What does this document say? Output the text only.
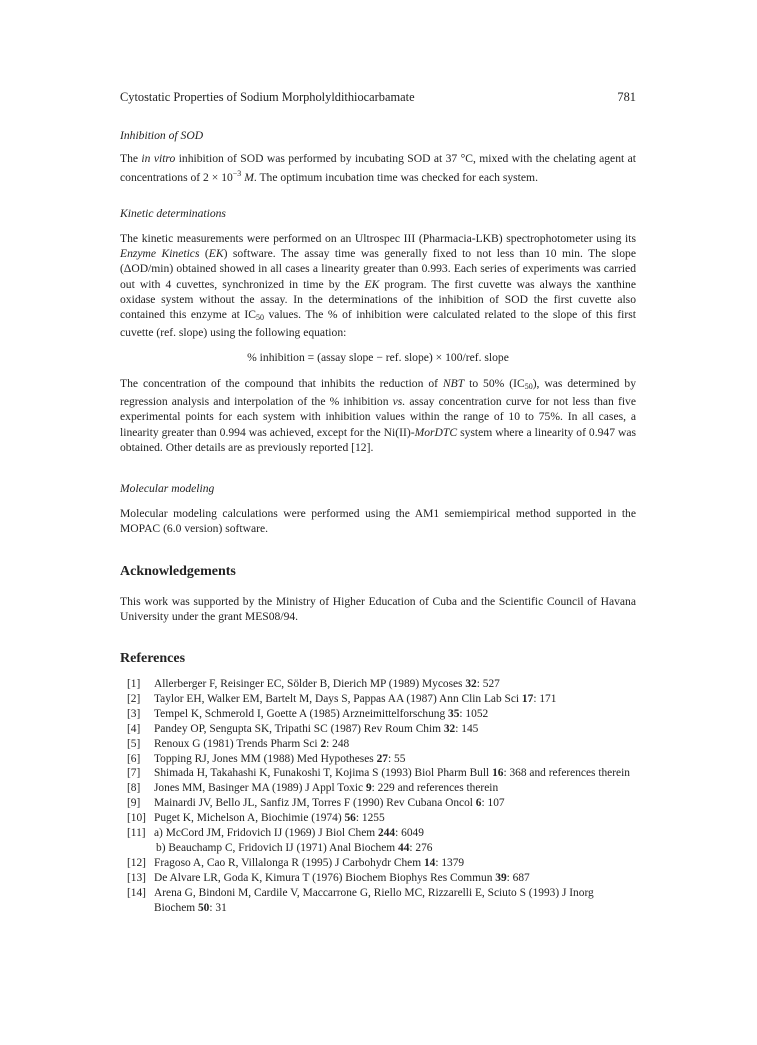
Cytostatic Properties of Sodium Morpholyldithiocarbamate	781
Inhibition of SOD

The in vitro inhibition of SOD was performed by incubating SOD at 37 °C, mixed with the chelating agent at concentrations of $2 \times 10^{-3}$ M. The optimum incubation time was checked for each system.

Kinetic determinations

The kinetic measurements were performed on an Ultrospec III (Pharmacia-LKB) spectrophotometer using its Enzyme Kinetics (EK) software. The assay time was generally fixed to not less than 10 min. The slope (ΔOD/min) obtained showed in all cases a linearity greater than 0.993. Each series of experiments was carried out with 4 cuvettes, synchronized in time by the EK program. The first cuvette was always the xanthine oxidase system without the assay. In the determinations of the inhibition of SOD the first cuvette also contained this enzyme at $IC_{50}$ values. The % of inhibition were calculated related to the slope of this first cuvette (ref. slope) using the following equation:

% inhibition = (assay slope − ref. slope) × 100/ref. slope

The concentration of the compound that inhibits the reduction of NBT to 50% $(IC_{50})$, was determined by regression analysis and interpolation of the % inhibition vs. assay concentration curve for not less than five experimental points for each system with inhibition values within the range of 10 to 75%. In all cases, a linearity greater than 0.994 was achieved, except for the Ni(II)-MorDTC system where a linearity of 0.947 was obtained. Other details are as previously reported [12].

Molecular modeling

Molecular modeling calculations were performed using the AM1 semiempirical method supported in the MOPAC (6.0 version) software.

Acknowledgements

This work was supported by the Ministry of Higher Education of Cuba and the Scientific Council of Havana University under the grant MES08/94.

References
[1]	Allerberger F, Reisinger EC, Sölder B, Dierich MP (1989) Mycoses 32: 527
[2]	Taylor EH, Walker EM, Bartelt M, Days S, Pappas AA (1987) Ann Clin Lab Sci 17: 171
[3]	Tempel K, Schmerold I, Goette A (1985) Arzneimittelforschung 35: 1052
[4]	Pandey OP, Sengupta SK, Tripathi SC (1987) Rev Roum Chim 32: 145
[5]	Renoux G (1981) Trends Pharm Sci 2: 248
[6]	Topping RJ, Jones MM (1988) Med Hypotheses 27: 55
[7]	Shimada H, Takahashi K, Funakoshi T, Kojima S (1993) Biol Pharm Bull 16: 368 and references therein
[8]	Jones MM, Basinger MA (1989) J Appl Toxic 9: 229 and references therein
[9]	Mainardi JV, Bello JL, Sanfiz JM, Torres F (1990) Rev Cubana Oncol 6: 107
[10] Puget K, Michelson A, Biochimie (1974) 56: 1255
[11] a) McCord JM, Fridovich IJ (1969) J Biol Chem 244: 6049
b) Beauchamp C, Fridovich IJ (1971) Anal Biochem 44: 276
[12] Fragoso A, Cao R, Villalonga R (1995) J Carbohydr Chem 14: 1379
[13] De Alvare LR, Goda K, Kimura T (1976) Biochem Biophys Res Commun 39: 687
[14] Arena G, Bindoni M, Cardile V, Maccarrone G, Riello MC, Rizzarelli E, Sciuto S (1993) J Inorg Biochem 50: 31
